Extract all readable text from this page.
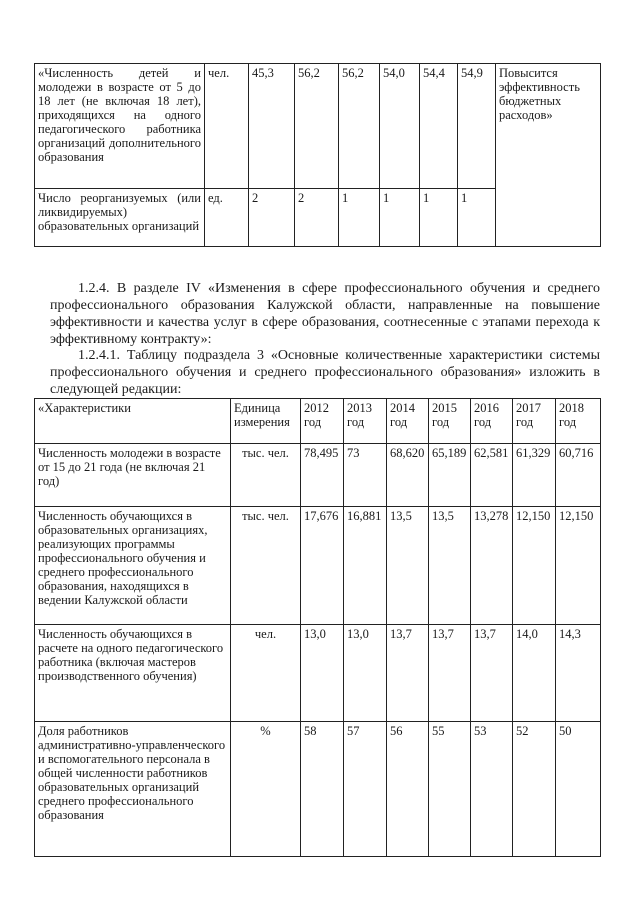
«Численность детей и молодежи в возрасте от 5 до 18 лет (не включая 18 лет), приходящихся на одного педагогического работника организаций дополнительного образования	чел.	45,3	56,2	56,2	54,0	54,4	54,9	Повысится эффективность бюджетных расходов»
Число реорганизуемых (или ликвидируемых) образовательных организаций	ед.	2	2	1	1	1	1	

1.2.4. В разделе IV «Изменения в сфере профессионального обучения и среднего профессионального образования Калужской области, направленные на повышение эффективности и качества услуг в сфере образования, соотнесенные с этапами перехода к эффективному контракту»:

1.2.4.1. Таблицу подраздела 3 «Основные количественные характеристики системы профессионального обучения и среднего профессионального образования» изложить в следующей редакции:

«Характеристики	Единица измерения	2012 год	2013 год	2014 год	2015 год	2016 год	2017 год	2018 год
Численность молодежи в возрасте от 15 до 21 года (не включая 21 год)	тыс. чел.	78,495	73	68,620	65,189	62,581	61,329	60,716
Численность обучающихся в образовательных организациях, реализующих программы профессионального обучения и среднего профессионального образования, находящихся в ведении Калужской области	тыс. чел.	17,676	16,881	13,5	13,5	13,278	12,150	12,150
Численность обучающихся в расчете на одного педагогического работника (включая мастеров производственного обучения)	чел.	13,0	13,0	13,7	13,7	13,7	14,0	14,3
Доля работников административно-управленческого и вспомогательного персонала в общей численности работников образовательных организаций среднего профессионального образования	%	58	57	56	55	53	52	50
